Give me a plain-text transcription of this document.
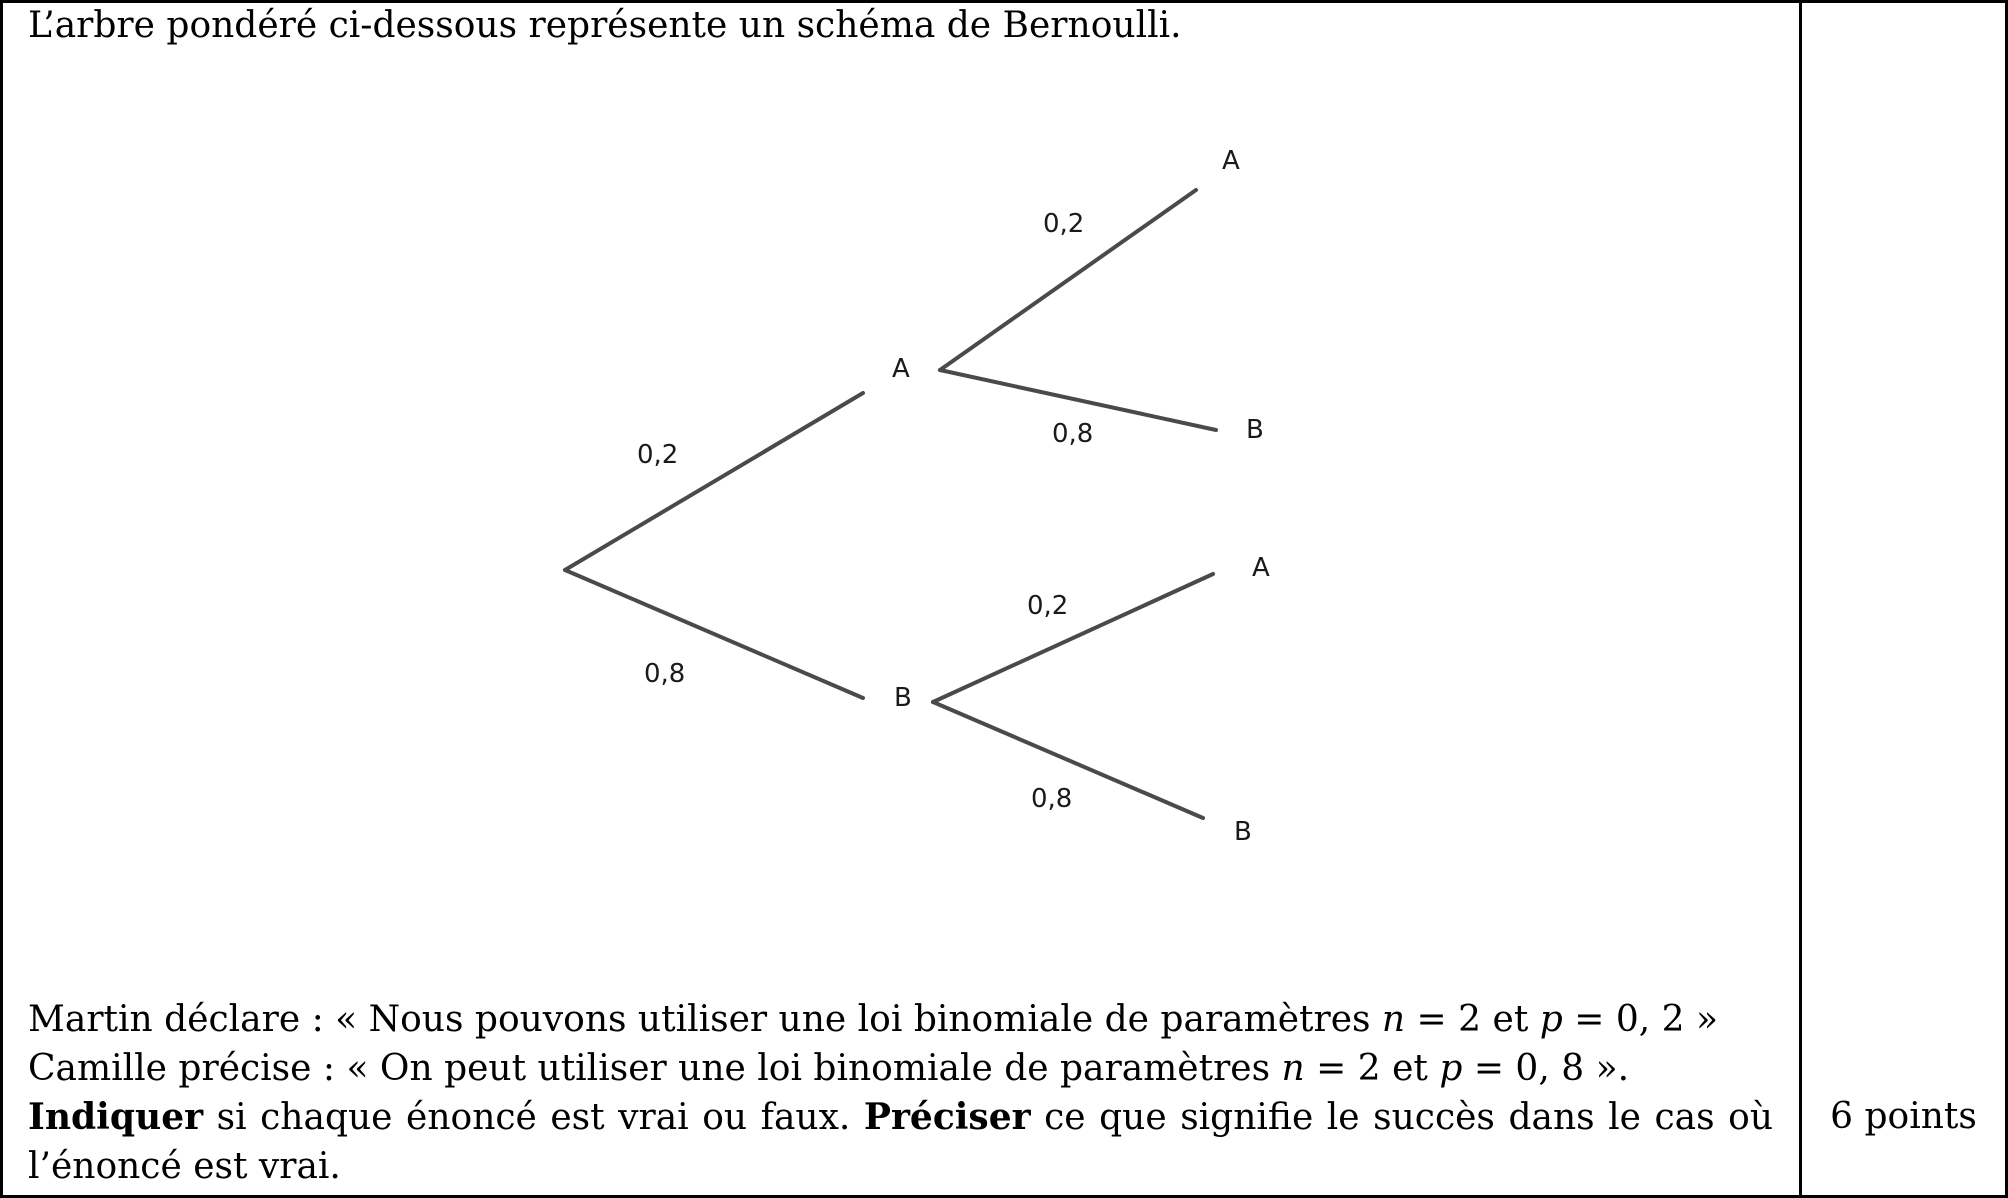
L’arbre pondéré ci-dessous représente un schéma de Bernoulli.
A
B
A
B
A
B
0,2
0,8
0,2
0,8
0,2
0,8
Martin déclare : « Nous pouvons utiliser une loi binomiale de paramètres n = 2 et p = 0, 2 »
Camille précise : « On peut utiliser une loi binomiale de paramètres n = 2 et p = 0, 8 ».
Indiquer si chaque énoncé est vrai ou faux. Préciser ce que signifie le succès dans le cas où
l’énoncé est vrai.
6 points
